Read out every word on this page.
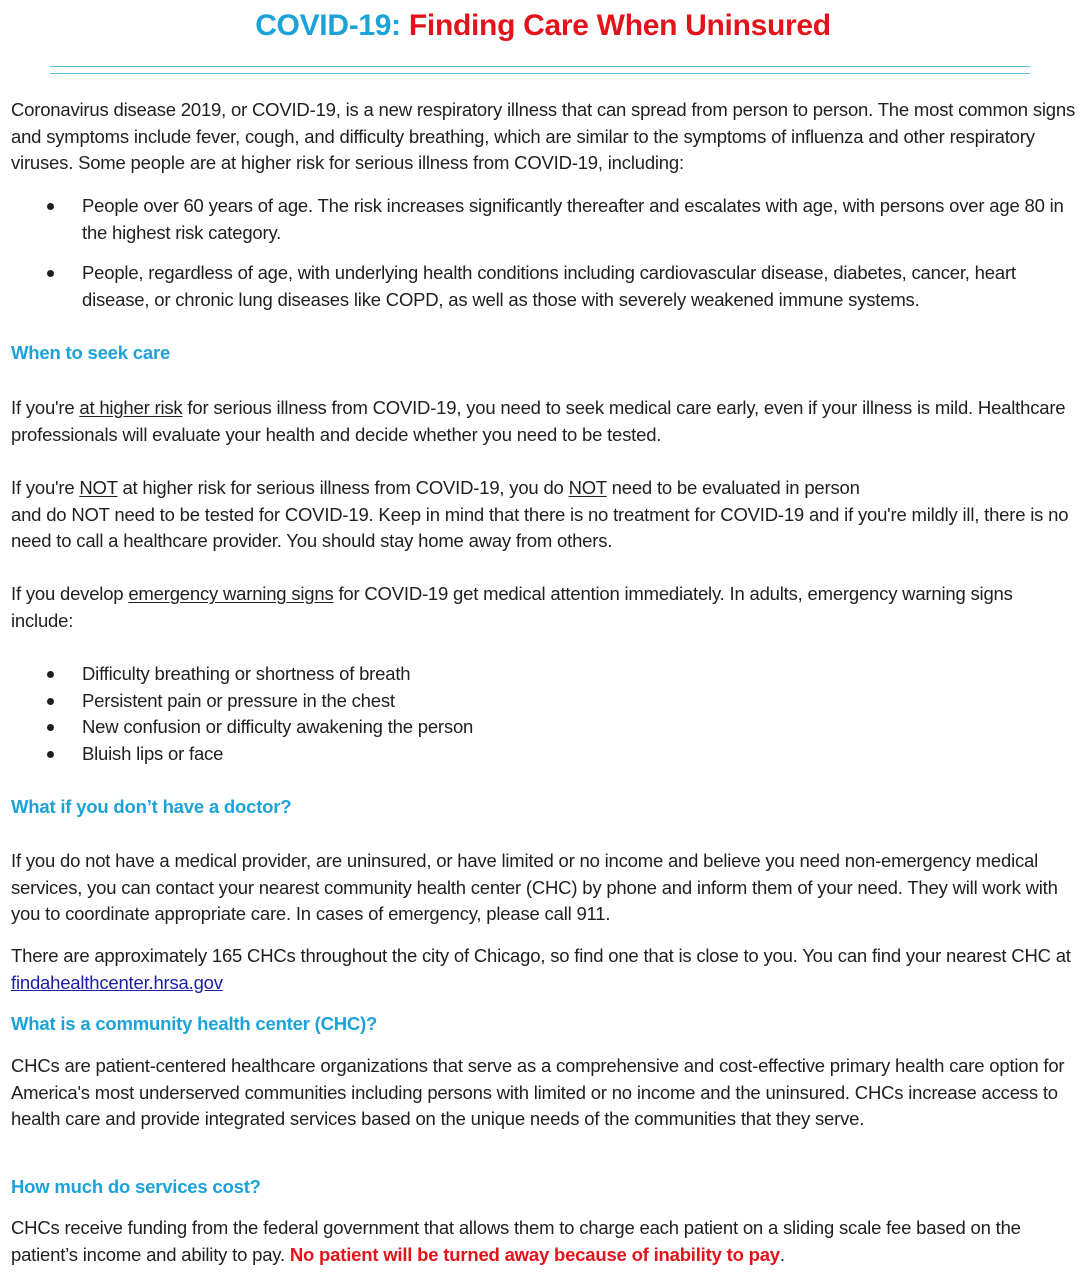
COVID-19: Finding Care When Uninsured

Coronavirus disease 2019, or COVID-19, is a new respiratory illness that can spread from person to person. The most common signs and symptoms include fever, cough, and difficulty breathing, which are similar to the symptoms of influenza and other respiratory viruses. Some people are at higher risk for serious illness from COVID-19, including:

People over 60 years of age. The risk increases significantly thereafter and escalates with age, with persons over age 80 in the highest risk category.
People, regardless of age, with underlying health conditions including cardiovascular disease, diabetes, cancer, heart disease, or chronic lung diseases like COPD, as well as those with severely weakened immune systems.
When to seek care

If you're at higher risk for serious illness from COVID-19, you need to seek medical care early, even if your illness is mild. Healthcare professionals will evaluate your health and decide whether you need to be tested.

If you're NOT at higher risk for serious illness from COVID-19, you do NOT need to be evaluated in person
and do NOT need to be tested for COVID-19. Keep in mind that there is no treatment for COVID-19 and if you're mildly ill, there is no need to call a healthcare provider. You should stay home away from others.

If you develop emergency warning signs for COVID-19 get medical attention immediately. In adults, emergency warning signs include:

Difficulty breathing or shortness of breath
Persistent pain or pressure in the chest
New confusion or difficulty awakening the person
Bluish lips or face
What if you don’t have a doctor?

If you do not have a medical provider, are uninsured, or have limited or no income and believe you need non-emergency medical services, you can contact your nearest community health center (CHC) by phone and inform them of your need. They will work with you to coordinate appropriate care. In cases of emergency, please call 911.

There are approximately 165 CHCs throughout the city of Chicago, so find one that is close to you. You can find your nearest CHC at findahealthcenter.hrsa.gov

What is a community health center (CHC)?

CHCs are patient-centered healthcare organizations that serve as a comprehensive and cost-effective primary health care option for America's most underserved communities including persons with limited or no income and the uninsured. CHCs increase access to health care and provide integrated services based on the unique needs of the communities that they serve.

How much do services cost?

CHCs receive funding from the federal government that allows them to charge each patient on a sliding scale fee based on the patient’s income and ability to pay. No patient will be turned away because of inability to pay.
